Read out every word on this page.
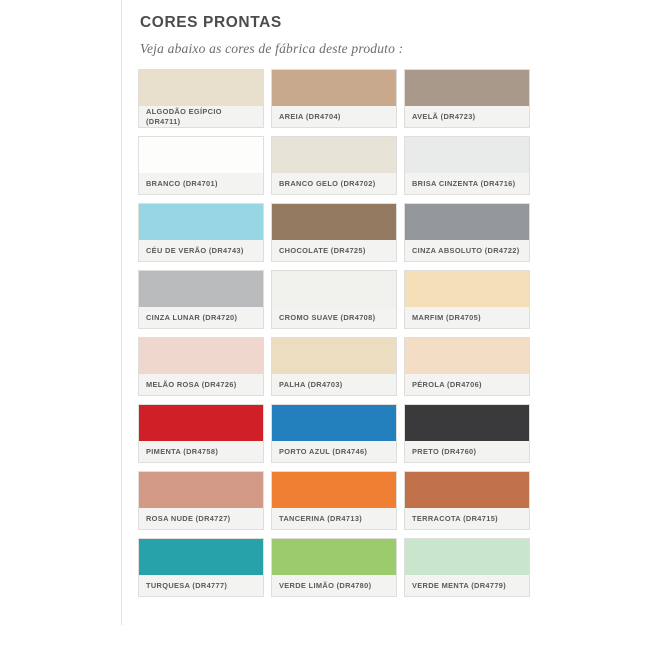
CORES PRONTAS

Veja abaixo as cores de fábrica deste produto :

ALGODÃO EGÍPCIO (DR4711)
AREIA (DR4704)	AVELÃ (DR4723)
BRANCO (DR4701)	BRANCO GELO (DR4702)	BRISA CINZENTA (DR4716)
CÉU DE VERÃO (DR4743)	CHOCOLATE (DR4725)	CINZA ABSOLUTO (DR4722)
CINZA LUNAR (DR4720)	CROMO SUAVE (DR4708)	MARFIM (DR4705)
MELÃO ROSA (DR4726)	PALHA (DR4703)	PÉROLA (DR4706)
PIMENTA (DR4758)	PORTO AZUL (DR4746)	PRETO (DR4760)
ROSA NUDE (DR4727)	TANCERINA (DR4713)	TERRACOTA (DR4715)
TURQUESA (DR4777)	VERDE LIMÃO (DR4780)	VERDE MENTA (DR4779)
